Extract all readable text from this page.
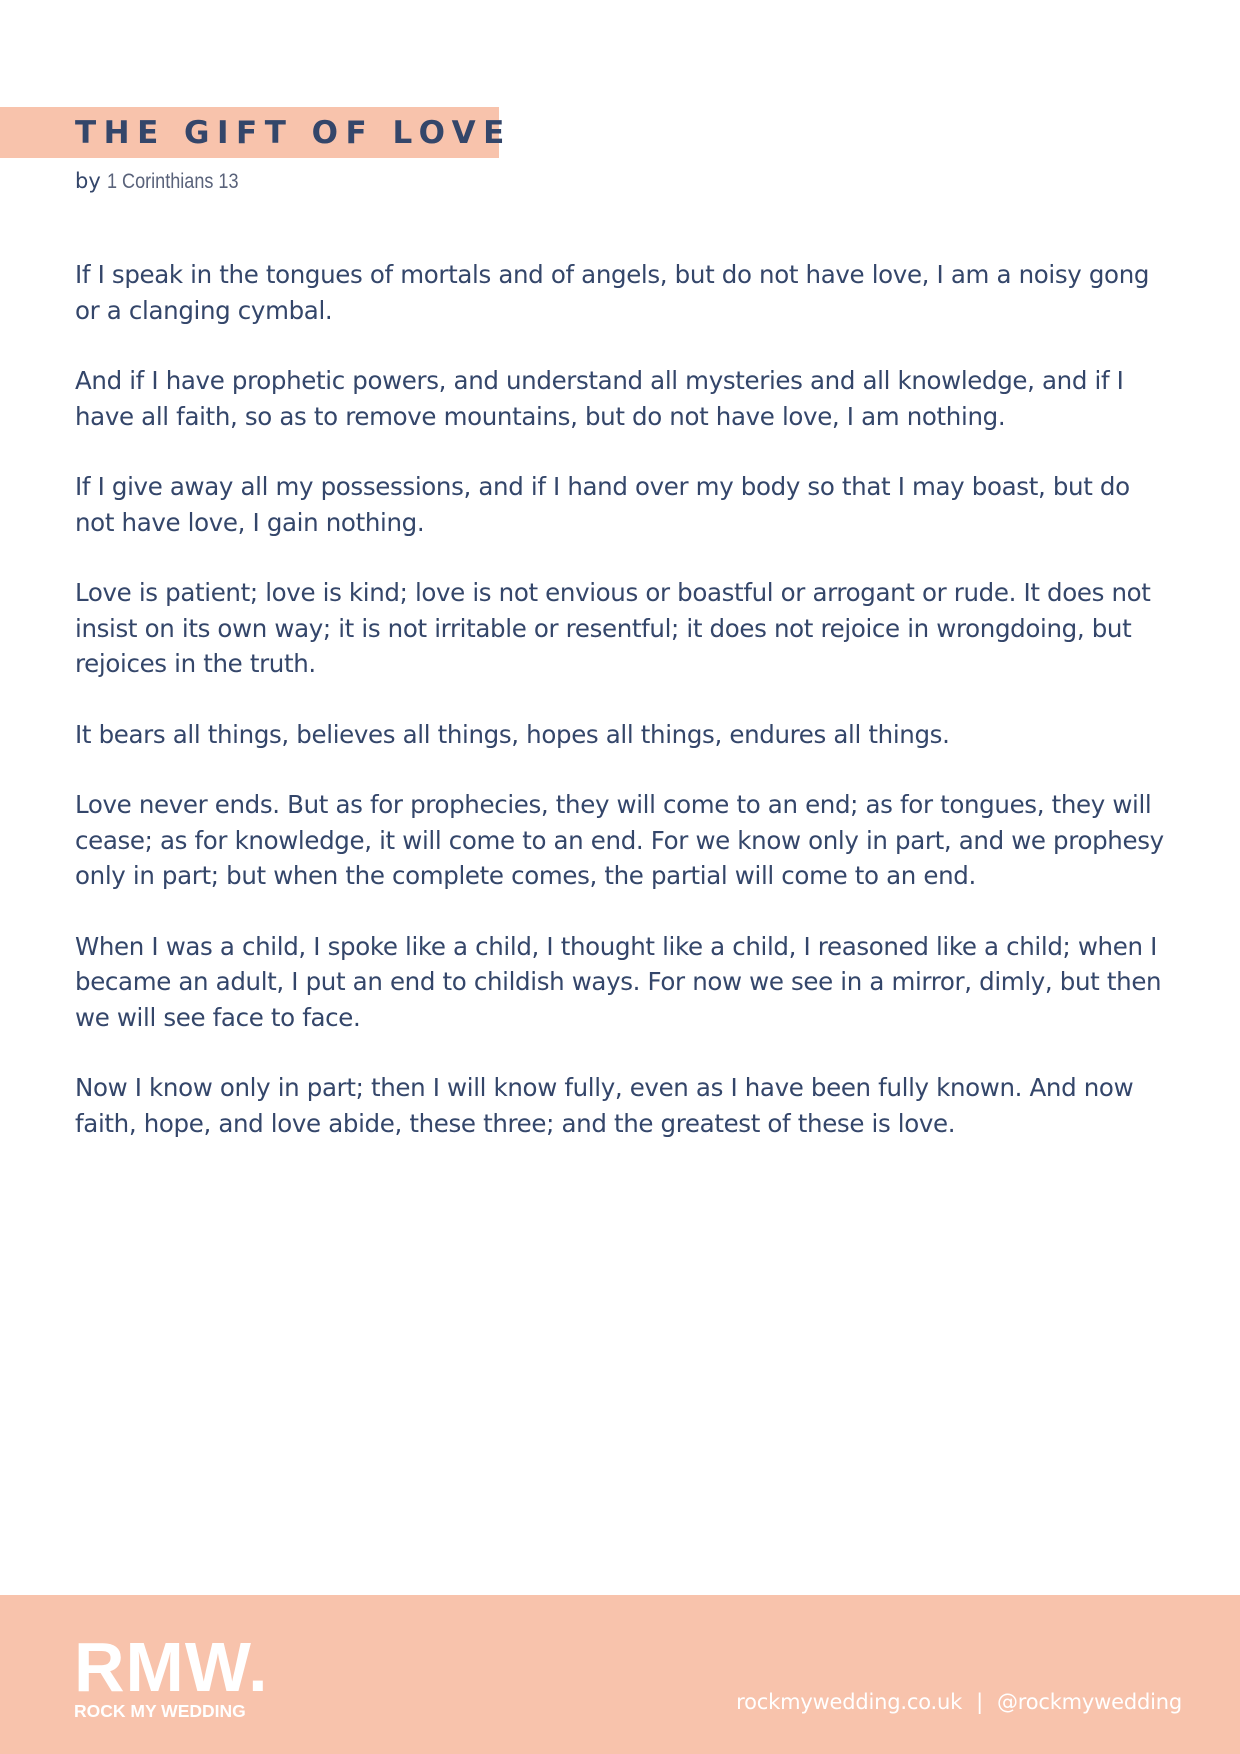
THE GIFT OF LOVE
by 1 Corinthians 13

If I speak in the tongues of mortals and of angels, but do not have love, I am a noisy gong or a clanging cymbal.

And if I have prophetic powers, and understand all mysteries and all knowledge, and if I have all faith, so as to remove mountains, but do not have love, I am nothing.

If I give away all my possessions, and if I hand over my body so that I may boast, but do not have love, I gain nothing.

Love is patient; love is kind; love is not envious or boastful or arrogant or rude. It does not insist on its own way; it is not irritable or resentful; it does not rejoice in wrongdoing, but rejoices in the truth.

It bears all things, believes all things, hopes all things, endures all things.

Love never ends. But as for prophecies, they will come to an end; as for tongues, they will cease; as for knowledge, it will come to an end. For we know only in part, and we prophesy only in part; but when the complete comes, the partial will come to an end.

When I was a child, I spoke like a child, I thought like a child, I reasoned like a child; when I became an adult, I put an end to childish ways. For now we see in a mirror, dimly, but then we will see face to face.

Now I know only in part; then I will know fully, even as I have been fully known. And now faith, hope, and love abide, these three; and the greatest of these is love.

RMW.
ROCK MY WEDDING	rockmywedding.co.uk | @rockmywedding
